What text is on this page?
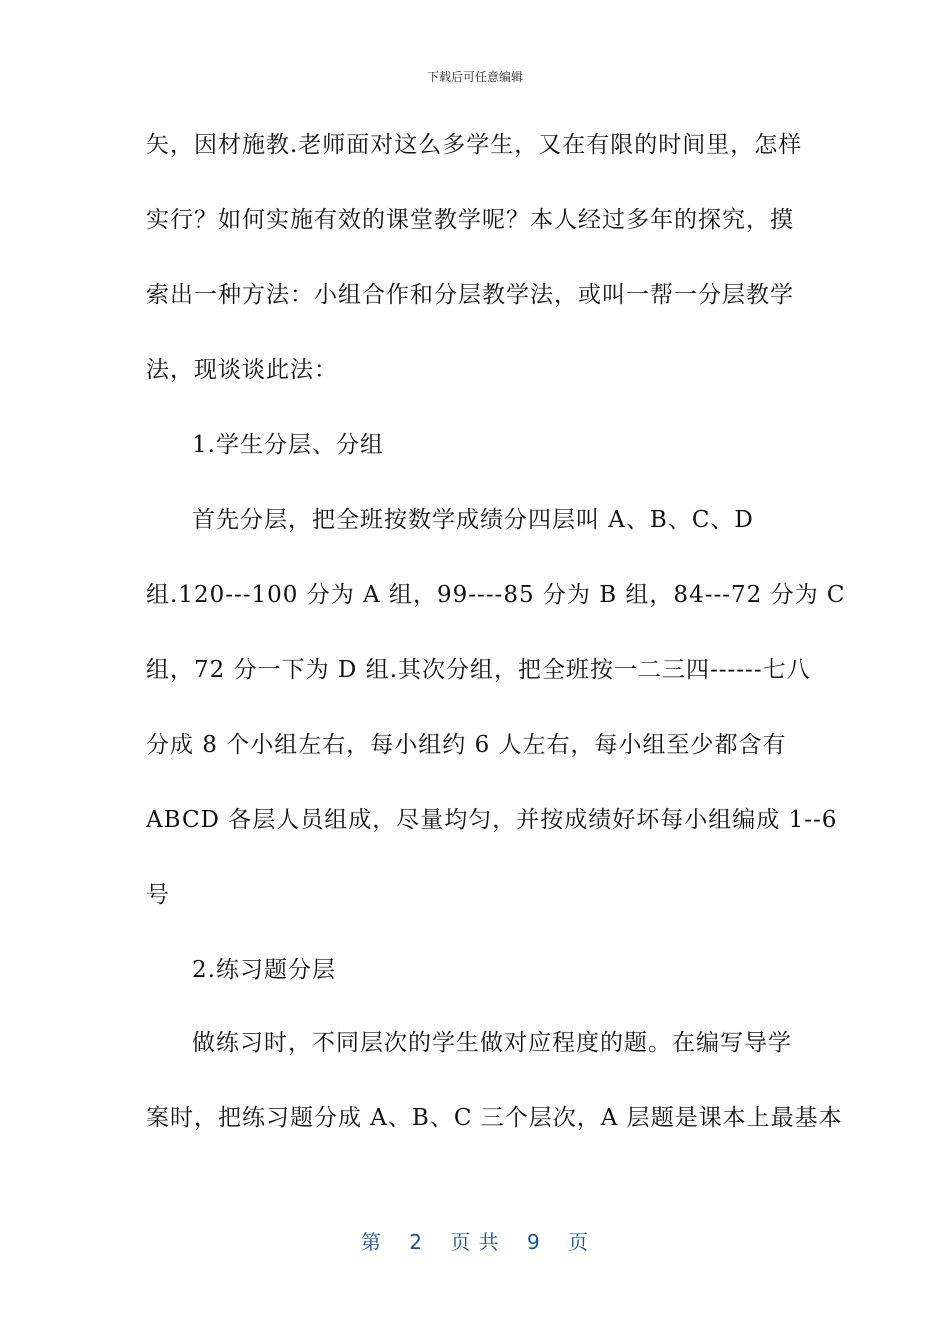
下载后可任意编辑
矢，因材施教.老师面对这么多学生，又在有限的时间里，怎样
实行？如何实施有效的课堂教学呢？本人经过多年的探究，摸
索出一种方法：小组合作和分层教学法，或叫一帮一分层教学
法，现谈谈此法：
1.学生分层、分组
首先分层，把全班按数学成绩分四层叫 A、B、C、D
组.120---100 分为 A 组，99----85 分为 B 组，84---72 分为 C
组，72 分一下为 D 组.其次分组，把全班按一二三四------七八
分成 8 个小组左右，每小组约 6 人左右，每小组至少都含有
ABCD 各层人员组成，尽量均匀，并按成绩好坏每小组编成 1--6
号
2.练习题分层
做练习时，不同层次的学生做对应程度的题。在编写导学
案时，把练习题分成 A、B、C 三个层次，A 层题是课本上最基本
第 2 页 共 9 页
